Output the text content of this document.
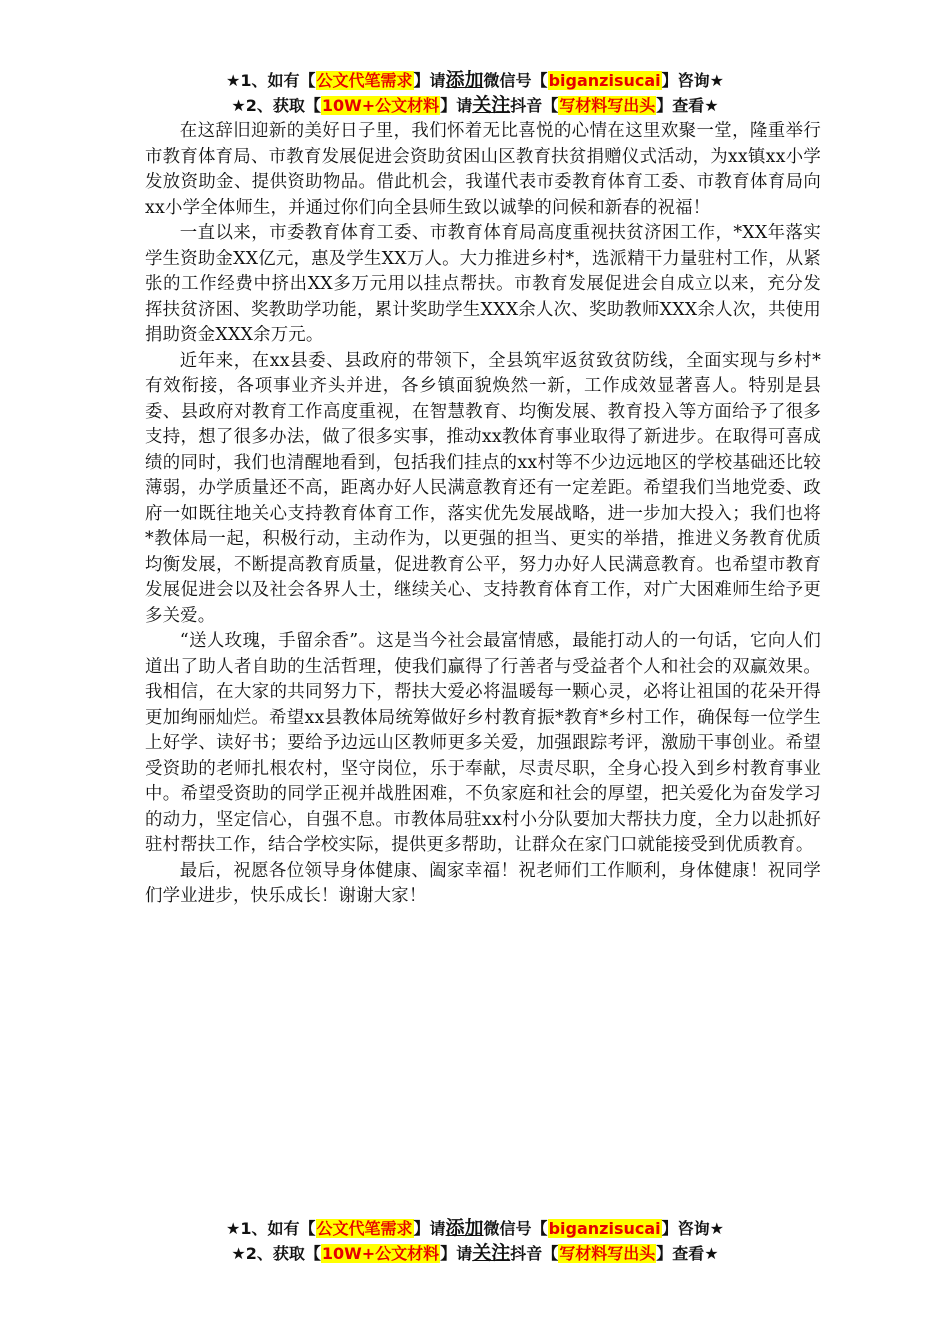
★1、如有【公文代笔需求】请添加微信号【biganzisucai】咨询★
★2、获取【10W+公文材料】请关注抖音【写材料写出头】查看★

在这辞旧迎新的美好日子里，我们怀着无比喜悦的心情在这里欢聚一堂，隆重举行市教育体育局、市教育发展促进会资助贫困山区教育扶贫捐赠仪式活动，为xx镇xx小学发放资助金、提供资助物品。借此机会，我谨代表市委教育体育工委、市教育体育局向xx小学全体师生，并通过你们向全县师生致以诚挚的问候和新春的祝福！

一直以来，市委教育体育工委、市教育体育局高度重视扶贫济困工作，*XX年落实学生资助金XX亿元，惠及学生XX万人。大力推进乡村*，选派精干力量驻村工作，从紧张的工作经费中挤出XX多万元用以挂点帮扶。市教育发展促进会自成立以来，充分发挥扶贫济困、奖教助学功能，累计奖助学生XXX余人次、奖助教师XXX余人次，共使用捐助资金XXX余万元。

近年来，在xx县委、县政府的带领下，全县筑牢返贫致贫防线，全面实现与乡村*有效衔接，各项事业齐头并进，各乡镇面貌焕然一新，工作成效显著喜人。特别是县委、县政府对教育工作高度重视，在智慧教育、均衡发展、教育投入等方面给予了很多支持，想了很多办法，做了很多实事，推动xx教体育事业取得了新进步。在取得可喜成绩的同时，我们也清醒地看到，包括我们挂点的xx村等不少边远地区的学校基础还比较薄弱，办学质量还不高，距离办好人民满意教育还有一定差距。希望我们当地党委、政府一如既往地关心支持教育体育工作，落实优先发展战略，进一步加大投入；我们也将*教体局一起，积极行动，主动作为，以更强的担当、更实的举措，推进义务教育优质均衡发展，不断提高教育质量，促进教育公平，努力办好人民满意教育。也希望市教育发展促进会以及社会各界人士，继续关心、支持教育体育工作，对广大困难师生给予更多关爱。

“送人玫瑰，手留余香”。这是当今社会最富情感，最能打动人的一句话，它向人们道出了助人者自助的生活哲理，使我们赢得了行善者与受益者个人和社会的双赢效果。我相信，在大家的共同努力下，帮扶大爱必将温暖每一颗心灵，必将让祖国的花朵开得更加绚丽灿烂。希望xx县教体局统筹做好乡村教育振*教育*乡村工作，确保每一位学生上好学、读好书；要给予边远山区教师更多关爱，加强跟踪考评，激励干事创业。希望受资助的老师扎根农村，坚守岗位，乐于奉献，尽责尽职，全身心投入到乡村教育事业中。希望受资助的同学正视并战胜困难，不负家庭和社会的厚望，把关爱化为奋发学习的动力，坚定信心，自强不息。市教体局驻xx村小分队要加大帮扶力度，全力以赴抓好驻村帮扶工作，结合学校实际，提供更多帮助，让群众在家门口就能接受到优质教育。

最后，祝愿各位领导身体健康、阖家幸福！祝老师们工作顺利，身体健康！祝同学们学业进步，快乐成长！谢谢大家！

★1、如有【公文代笔需求】请添加微信号【biganzisucai】咨询★
★2、获取【10W+公文材料】请关注抖音【写材料写出头】查看★
